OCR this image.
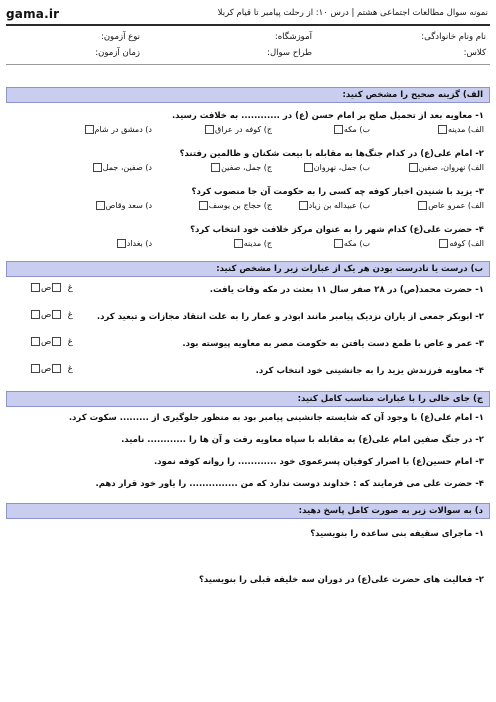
gama.ir	نمونه سوال مطالعات اجتماعی هشتم | درس ۱۰: از رحلت پیامبر تا قیام کربلا
نام ونام خانوادگی:
آموزشگاه:
نوع آزمون:
کلاس:
طراح سوال:
زمان آزمون:
الف) گزینه صحیح را مشخص کنید:
۱- معاویه بعد از تحمیل صلح بر امام حسن (ع) در ............ به خلافت رسید.
الف) مدینه
ب) مکه
ج) کوفه در عراق
د) دمشق در شام
۲- امام علی(ع) در کدام جنگ‌ها به مقابله با بیعت شکنان و ظالمین رفتند؟
الف) نهروان، صفین
ب) جمل، نهروان
ج) جمل، صفین
د) صفین، جمل
۳- یزید با شنیدن اخبار کوفه چه کسی را به حکومت آن جا منصوب کرد؟
الف) عمرو عاص
ب) عبیداله بن زیاد
ج) حجاج بن یوسف
د) سعد وقاص
۴- حضرت علی(ع) کدام شهر را به عنوان مرکز خلافت خود انتخاب کرد؟
الف) کوفه
ب) مکه
ج) مدینه
د) بغداد
ب) درست یا نادرست بودن هر یک از عبارات زیر را مشخص کنید:
۱- حضرت محمد(ص) در ۲۸ صفر سال ۱۱ بعثت در مکه وفات یافت.
غ  ص
۲- ابوبکر جمعی از یاران نزدیک پیامبر مانند ابوذر و عمار را به علت انتقاد مجازات و تبعید کرد.
غ  ص
۳- عمر و عاص با طمع دست یافتن به حکومت مصر به معاویه پیوسته بود.
غ  ص
۴- معاویه فرزندش یزید را به جانشینی خود انتخاب کرد.
غ  ص
ج) جای خالی را با عبارات مناسب کامل کنید:
۱- امام علی(ع) با وجود آن که شایسته جانشینی پیامبر بود به منظور جلوگیری از ......... سکوت کرد.
۲- در جنگ صفین امام علی(ع) به مقابله با سپاه معاویه رفت و آن ها را ............ نامید.
۳- امام حسین(ع) با اصرار کوفیان پسرعموی خود ............ را روانه کوفه نمود.
۴- حضرت علی می فرمایند که : خداوند دوست ندارد که من ............... را یاور خود قرار دهم.
د) به سوالات زیر به صورت کامل پاسخ دهید:
۱- ماجرای سقیفه بنی ساعده را بنویسید؟
۲- فعالیت های حضرت علی(ع) در دوران سه خلیفه قبلی را بنویسید؟
